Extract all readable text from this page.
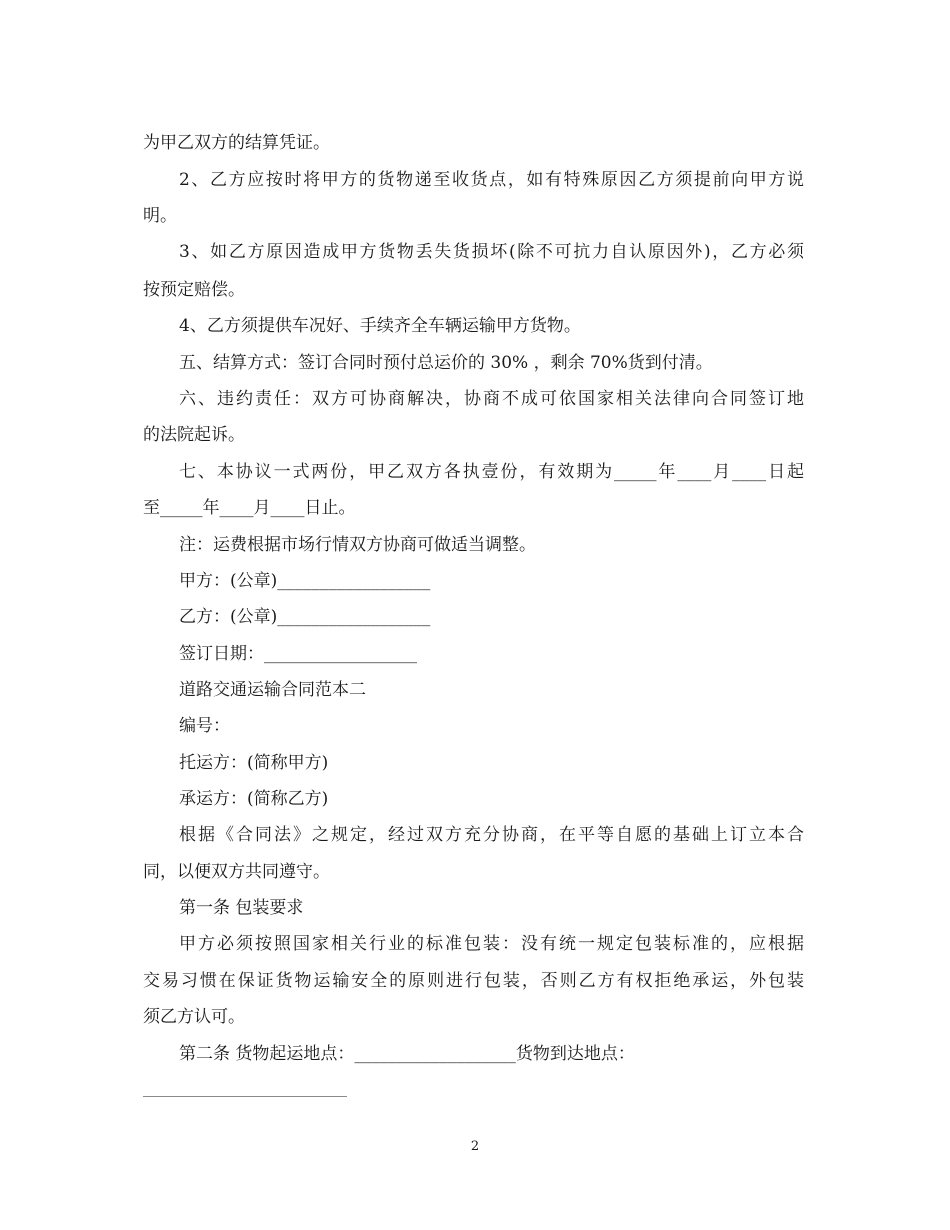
为甲乙双方的结算凭证。
2、乙方应按时将甲方的货物递至收货点，如有特殊原因乙方须提前向甲方说
明。
3、如乙方原因造成甲方货物丢失货损坏(除不可抗力自认原因外)，乙方必须
按预定赔偿。
4、乙方须提供车况好、手续齐全车辆运输甲方货物。
五、结算方式：签订合同时预付总运价的 30% ，剩余 70%货到付清。
六、违约责任：双方可协商解决，协商不成可依国家相关法律向合同签订地
的法院起诉。
七、本协议一式两份，甲乙双方各执壹份，有效期为_____年____月____日起
至_____年____月____日止。
注：运费根据市场行情双方协商可做适当调整。
甲方：(公章)__________________
乙方：(公章)__________________
签订日期：__________________
道路交通运输合同范本二
编号：
托运方：(简称甲方)
承运方：(简称乙方)
根据《合同法》之规定，经过双方充分协商，在平等自愿的基础上订立本合
同，以便双方共同遵守。
第一条 包装要求
甲方必须按照国家相关行业的标准包装：没有统一规定包装标准的，应根据
交易习惯在保证货物运输安全的原则进行包装，否则乙方有权拒绝承运，外包装
须乙方认可。
第二条 货物起运地点：___________________货物到达地点：
2
